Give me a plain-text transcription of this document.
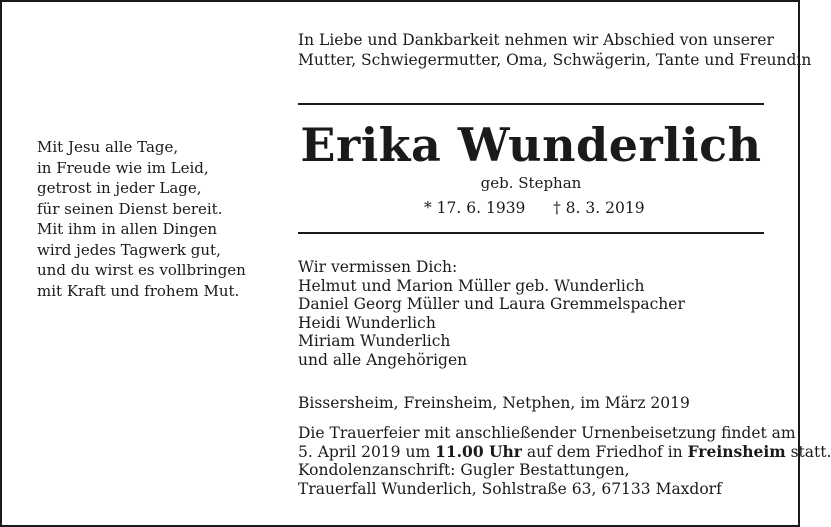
In Liebe und Dankbarkeit nehmen wir Abschied von unserer
Mutter, Schwiegermutter, Oma, Schwägerin, Tante und Freundin
Erika Wunderlich
geb. Stephan
* 17. 6. 1939 † 8. 3. 2019
Mit Jesu alle Tage,
in Freude wie im Leid,
getrost in jeder Lage,
für seinen Dienst bereit.
Mit ihm in allen Dingen
wird jedes Tagwerk gut,
und du wirst es vollbringen
mit Kraft und frohem Mut.
Wir vermissen Dich:
Helmut und Marion Müller geb. Wunderlich
Daniel Georg Müller und Laura Gremmelspacher
Heidi Wunderlich
Miriam Wunderlich
und alle Angehörigen
Bissersheim, Freinsheim, Netphen, im März 2019
Die Trauerfeier mit anschließender Urnenbeisetzung findet am
5. April 2019 um 11.00 Uhr auf dem Friedhof in Freinsheim statt.
Kondolenzanschrift: Gugler Bestattungen,
Trauerfall Wunderlich, Sohlstraße 63, 67133 Maxdorf
